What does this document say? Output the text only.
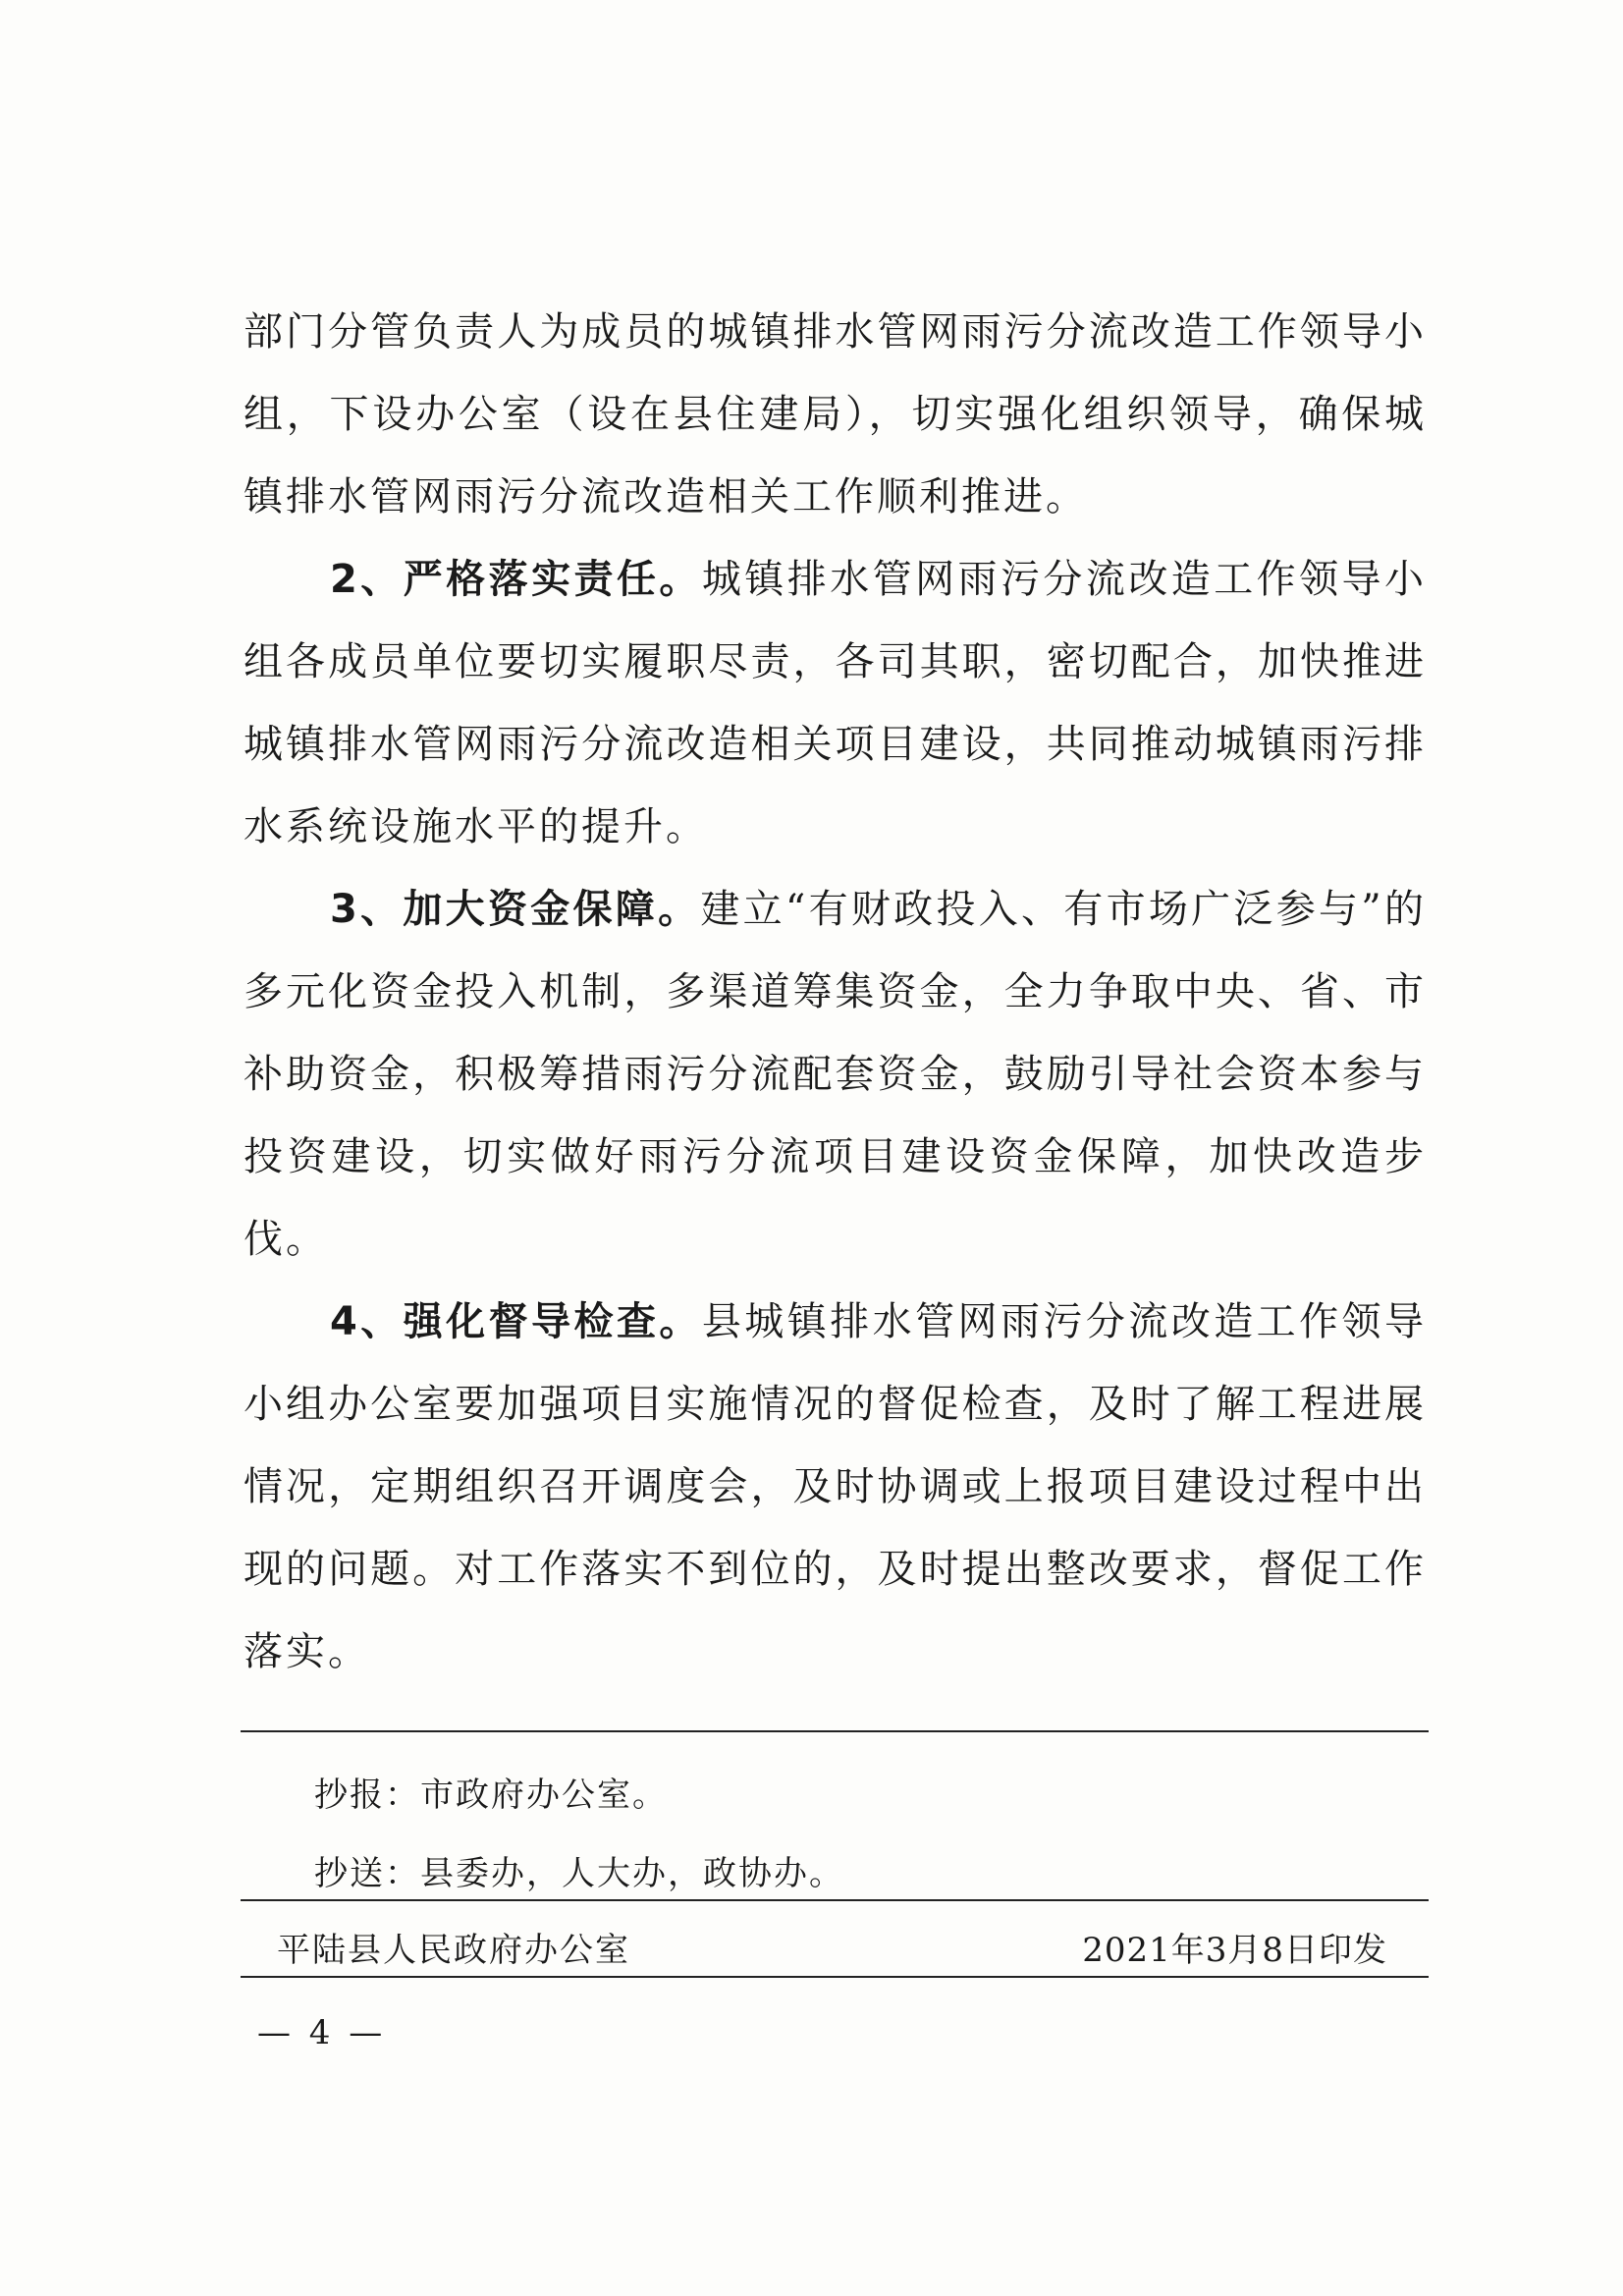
部门分管负责人为成员的城镇排水管网雨污分流改造工作领导小组，下设办公室（设在县住建局），切实强化组织领导，确保城镇排水管网雨污分流改造相关工作顺利推进。

2、严格落实责任。城镇排水管网雨污分流改造工作领导小组各成员单位要切实履职尽责，各司其职，密切配合，加快推进城镇排水管网雨污分流改造相关项目建设，共同推动城镇雨污排水系统设施水平的提升。

3、加大资金保障。建立“有财政投入、有市场广泛参与”的多元化资金投入机制，多渠道筹集资金，全力争取中央、省、市补助资金，积极筹措雨污分流配套资金，鼓励引导社会资本参与投资建设，切实做好雨污分流项目建设资金保障，加快改造步伐。

4、强化督导检查。县城镇排水管网雨污分流改造工作领导小组办公室要加强项目实施情况的督促检查，及时了解工程进展情况，定期组织召开调度会，及时协调或上报项目建设过程中出现的问题。对工作落实不到位的，及时提出整改要求，督促工作落实。

抄报：市政府办公室。
抄送：县委办，人大办，政协办。
平陆县人民政府办公室	2021年3月8日印发
— 4 —
